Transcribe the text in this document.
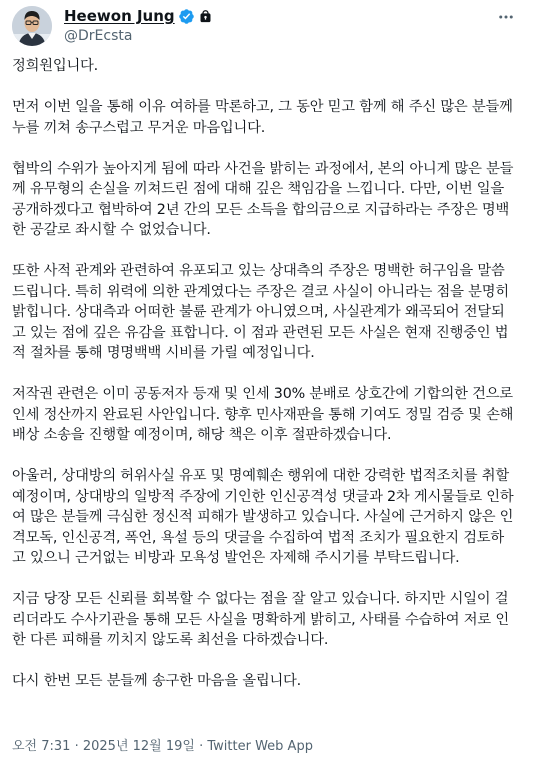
Heewon Jung
@DrEcsta
정희원입니다.
먼저 이번 일을 통해 이유 여하를 막론하고, 그 동안 믿고 함께 해 주신 많은 분들께
누를 끼쳐 송구스럽고 무거운 마음입니다.
협박의 수위가 높아지게 됨에 따라 사건을 밝히는 과정에서, 본의 아니게 많은 분들
께 유무형의 손실을 끼쳐드린 점에 대해 깊은 책임감을 느낍니다. 다만, 이번 일을
공개하겠다고 협박하여 2년 간의 모든 소득을 합의금으로 지급하라는 주장은 명백
한 공갈로 좌시할 수 없었습니다.
또한 사적 관계와 관련하여 유포되고 있는 상대측의 주장은 명백한 허구임을 말씀
드립니다. 특히 위력에 의한 관계였다는 주장은 결코 사실이 아니라는 점을 분명히
밝힙니다. 상대측과 어떠한 불륜 관계가 아니였으며, 사실관계가 왜곡되어 전달되
고 있는 점에 깊은 유감을 표합니다. 이 점과 관련된 모든 사실은 현재 진행중인 법
적 절차를 통해 명명백백 시비를 가릴 예정입니다.
저작권 관련은 이미 공동저자 등재 및 인세 30% 분배로 상호간에 기합의한 건으로
인세 정산까지 완료된 사안입니다. 향후 민사재판을 통해 기여도 정밀 검증 및 손해
배상 소송을 진행할 예정이며, 해당 책은 이후 절판하겠습니다.
아울러, 상대방의 허위사실 유포 및 명예훼손 행위에 대한 강력한 법적조치를 취할
예정이며, 상대방의 일방적 주장에 기인한 인신공격성 댓글과 2차 게시물들로 인하
여 많은 분들께 극심한 정신적 피해가 발생하고 있습니다. 사실에 근거하지 않은 인
격모독, 인신공격, 폭언, 욕설 등의 댓글을 수집하여 법적 조치가 필요한지 검토하
고 있으니 근거없는 비방과 모욕성 발언은 자제해 주시기를 부탁드립니다.
지금 당장 모든 신뢰를 회복할 수 없다는 점을 잘 알고 있습니다. 하지만 시일이 걸
리더라도 수사기관을 통해 모든 사실을 명확하게 밝히고, 사태를 수습하여 저로 인
한 다른 피해를 끼치지 않도록 최선을 다하겠습니다.
다시 한번 모든 분들께 송구한 마음을 올립니다.
오전 7:31 · 2025년 12월 19일 · Twitter Web App
